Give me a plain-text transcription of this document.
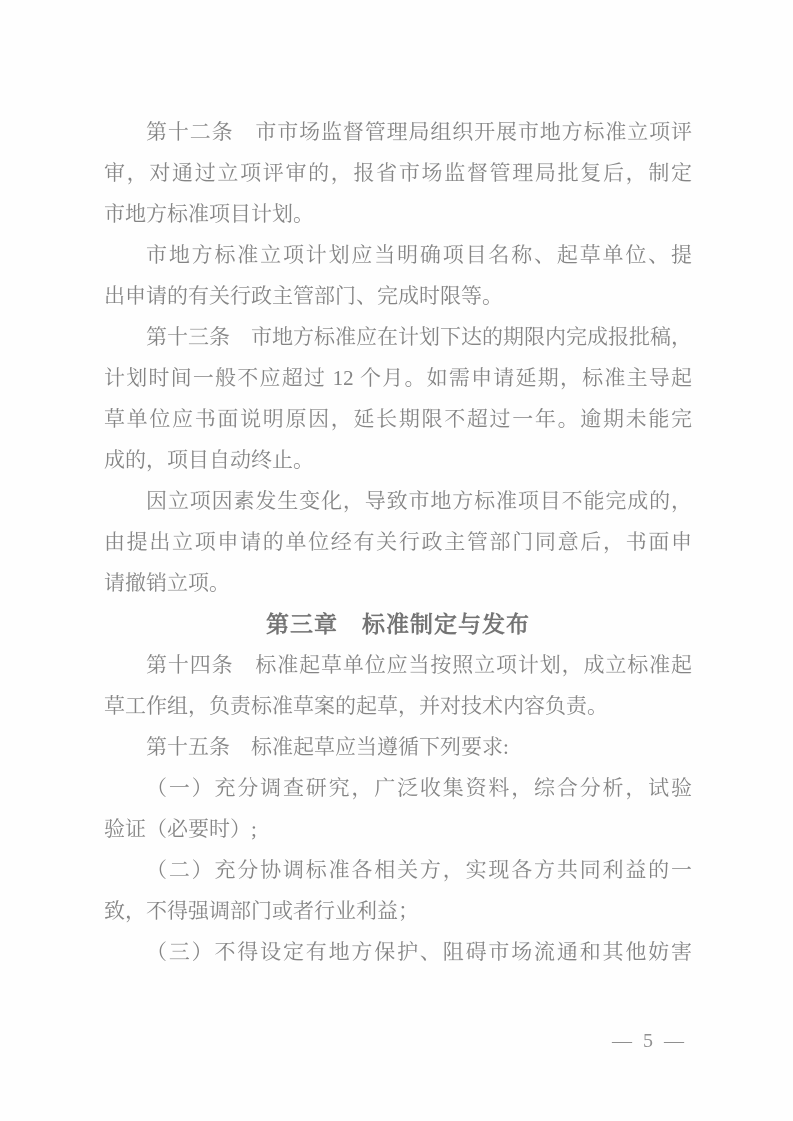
第十二条　市市场监督管理局组织开展市地方标准立项评

审，对通过立项评审的，报省市场监督管理局批复后，制定

市地方标准项目计划。

市地方标准立项计划应当明确项目名称、起草单位、提

出申请的有关行政主管部门、完成时限等。

第十三条　市地方标准应在计划下达的期限内完成报批稿，

计划时间一般不应超过 12 个月。如需申请延期，标准主导起

草单位应书面说明原因，延长期限不超过一年。逾期未能完

成的，项目自动终止。

因立项因素发生变化，导致市地方标准项目不能完成的，

由提出立项申请的单位经有关行政主管部门同意后，书面申

请撤销立项。

第三章　标准制定与发布

第十四条　标准起草单位应当按照立项计划，成立标准起

草工作组，负责标准草案的起草，并对技术内容负责。

第十五条　标准起草应当遵循下列要求:

（一）充分调查研究，广泛收集资料，综合分析，试验

验证（必要时）;

（二）充分协调标准各相关方，实现各方共同利益的一

致，不得强调部门或者行业利益；

（三）不得设定有地方保护、阻碍市场流通和其他妨害

— 5 —
